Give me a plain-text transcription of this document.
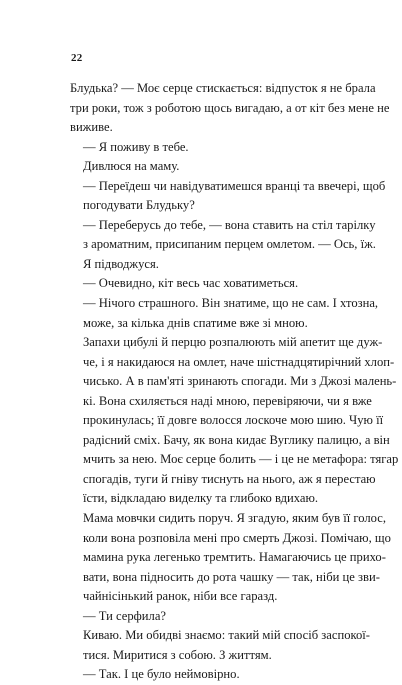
22

Блудька? — Моє серце стискається: відпусток я не брала
три роки, тож з роботою щось вигадаю, а от кіт без мене не
виживе.

— Я поживу в тебе.

Дивлюся на маму.

— Переїдеш чи навідуватимешся вранці та ввечері, щоб
погодувати Блудьку?

— Переберусь до тебе, — вона ставить на стіл тарілку
з ароматним, присипаним перцем омлетом. — Ось, їж.

Я підводжуся.

— Очевидно, кіт весь час ховатиметься.

— Нічого страшного. Він знатиме, що не сам. І хтозна,
може, за кілька днів спатиме вже зі мною.

Запахи цибулі й перцю розпалюють мій апетит ще дуж-
че, і я накидаюся на омлет, наче шістнадцятирічний хлоп-
чисько. А в пам'яті зринають спогади. Ми з Джозі малень-
кі. Вона схиляється наді мною, перевіряючи, чи я вже
прокинулась; її довге волосся лоскоче мою шию. Чую її
радісний сміх. Бачу, як вона кидає Вуглику палицю, а він
мчить за нею. Моє серце болить — і це не метафора: тягар
спогадів, туги й гніву тиснуть на нього, аж я перестаю
їсти, відкладаю виделку та глибоко вдихаю.

Мама мовчки сидить поруч. Я згадую, яким був її голос,
коли вона розповіла мені про смерть Джозі. Помічаю, що
мамина рука легенько тремтить. Намагаючись це прихо-
вати, вона підносить до рота чашку — так, ніби це зви-
чайнісінький ранок, ніби все гаразд.

— Ти серфила?

Киваю. Ми обидві знаємо: такий мій спосіб заспокої-
тися. Миритися з собою. З життям.

— Так. І це було неймовірно.
